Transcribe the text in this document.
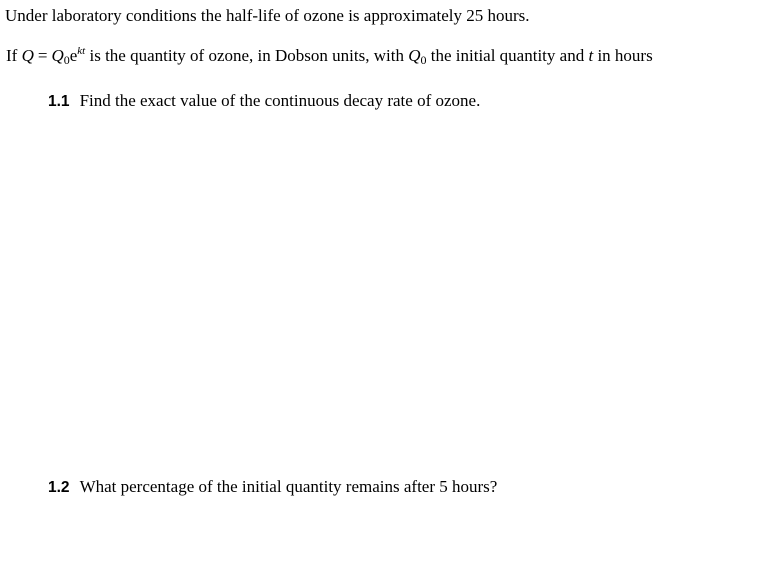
Under laboratory conditions the half-life of ozone is approximately 25 hours.
If $Q = Q0e^{kt}$ is the quantity of ozone, in Dobson units, with Q0 the initial quantity and t in hours
1.1 Find the exact value of the continuous decay rate of ozone.
1.2 What percentage of the initial quantity remains after 5 hours?
